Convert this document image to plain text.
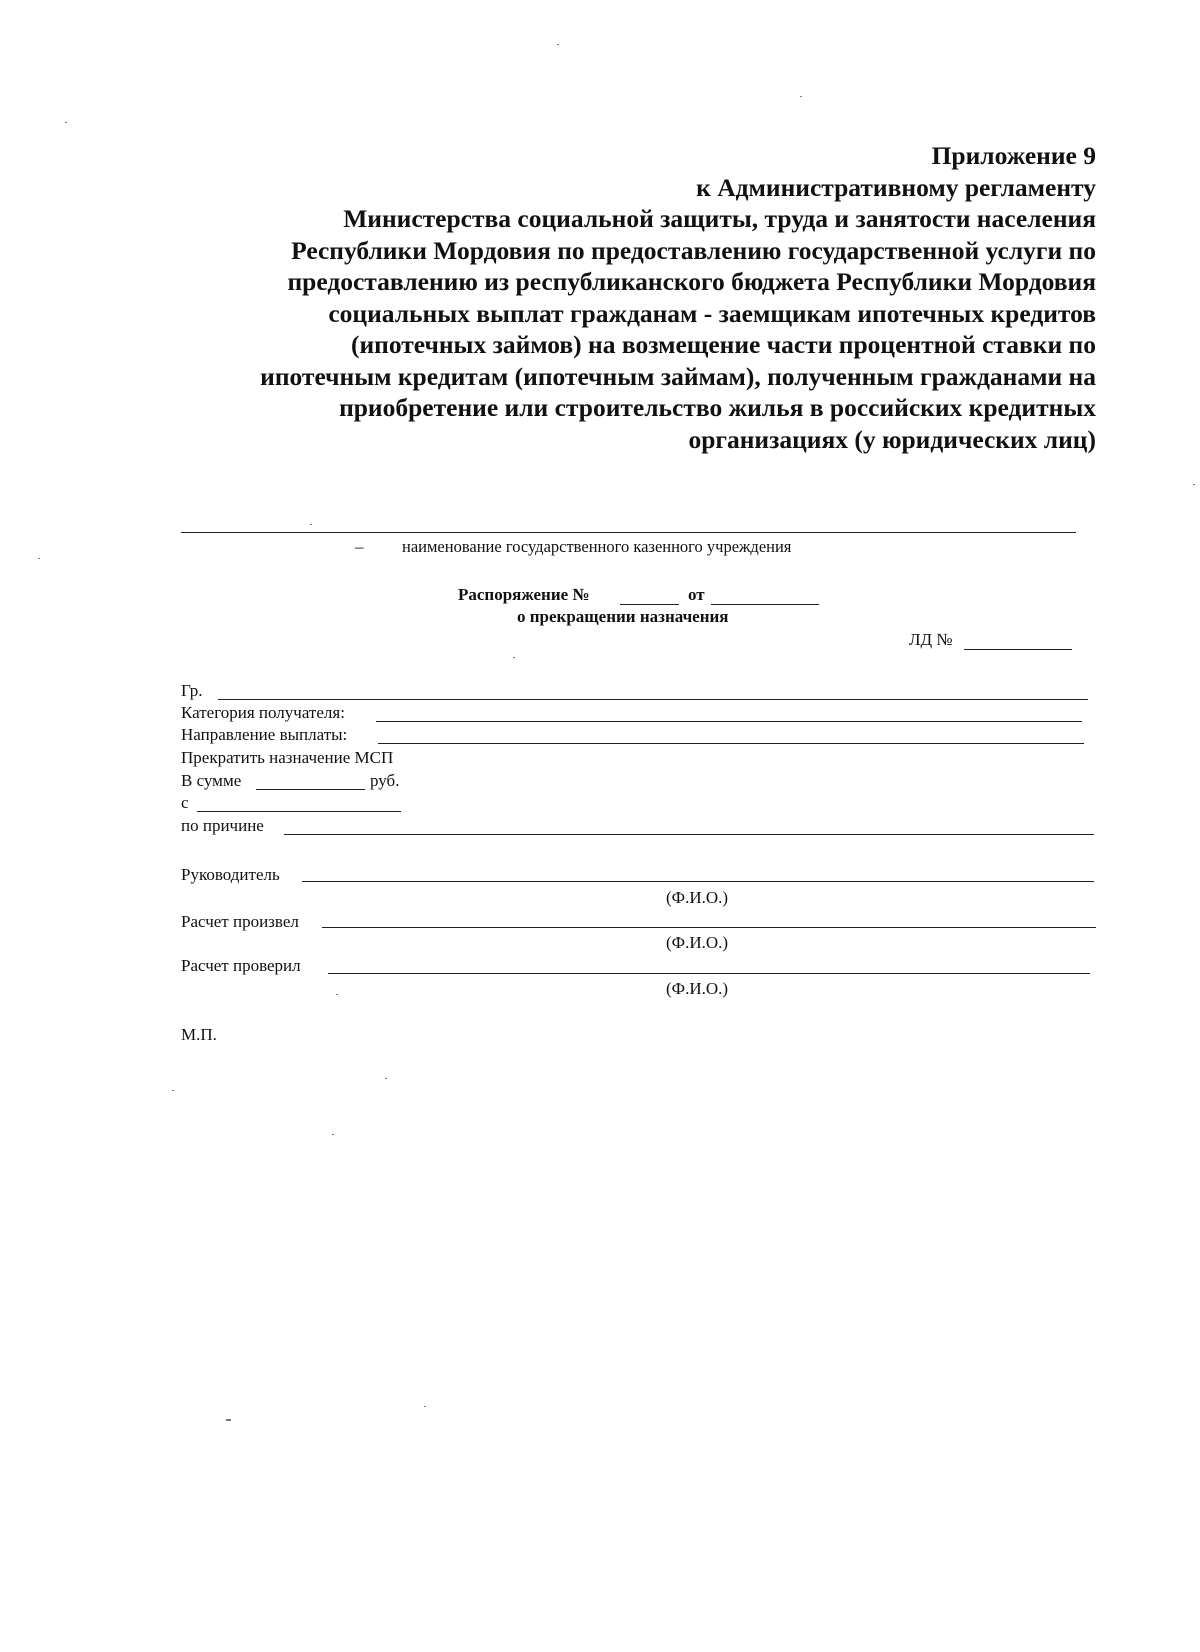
Приложение 9
к Административному регламенту
Министерства социальной защиты, труда и занятости населения
Республики Мордовия по предоставлению государственной услуги по
предоставлению из республиканского бюджета Республики Мордовия
социальных выплат гражданам - заемщикам ипотечных кредитов
(ипотечных займов) на возмещение части процентной ставки по
ипотечным кредитам (ипотечным займам), полученным гражданами на
приобретение или строительство жилья в российских кредитных
организациях (у юридических лиц)
наименование государственного казенного учреждения
–
Распоряжение №	от
о прекращении назначения
ЛД №
Гр.
Категория получателя:
Направление выплаты:
Прекратить назначение МСП
В сумме	руб.
с
по причине
Руководитель
(Ф.И.О.)
Расчет произвел
(Ф.И.О.)
Расчет проверил
(Ф.И.О.)
М.П.
